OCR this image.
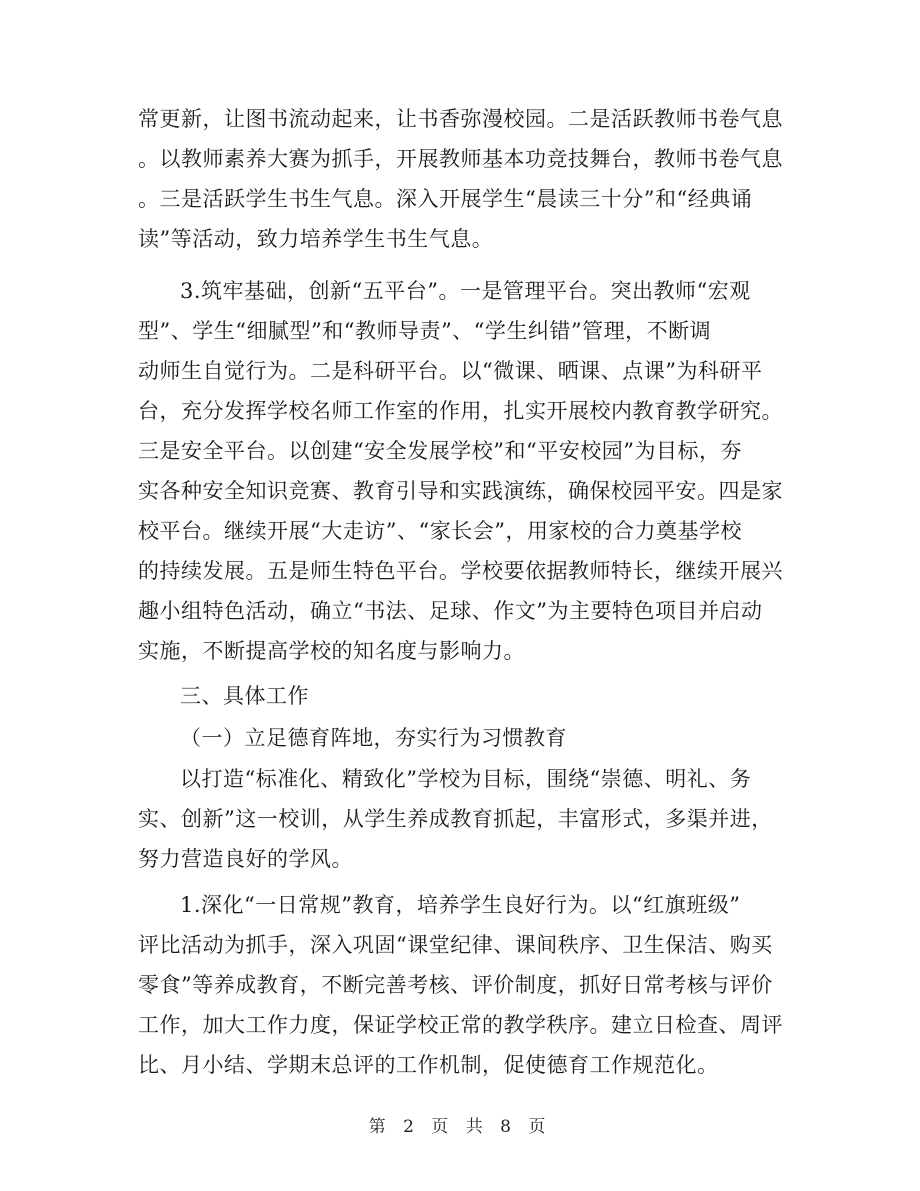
常更新，让图书流动起来，让书香弥漫校园。二是活跃教师书卷气息
。以教师素养大赛为抓手，开展教师基本功竞技舞台，教师书卷气息
。三是活跃学生书生气息。深入开展学生“晨读三十分”和“经典诵
读”等活动，致力培养学生书生气息。
3.筑牢基础，创新“五平台”。一是管理平台。突出教师“宏观
型”、学生“细腻型”和“教师导责”、“学生纠错”管理，不断调
动师生自觉行为。二是科研平台。以“微课、晒课、点课”为科研平
台，充分发挥学校名师工作室的作用，扎实开展校内教育教学研究。
三是安全平台。以创建“安全发展学校”和“平安校园”为目标，夯
实各种安全知识竞赛、教育引导和实践演练，确保校园平安。四是家
校平台。继续开展“大走访”、“家长会”，用家校的合力奠基学校
的持续发展。五是师生特色平台。学校要依据教师特长，继续开展兴
趣小组特色活动，确立“书法、足球、作文”为主要特色项目并启动
实施，不断提高学校的知名度与影响力。
三、具体工作
（一）立足德育阵地，夯实行为习惯教育
以打造“标准化、精致化”学校为目标，围绕“崇德、明礼、务
实、创新”这一校训，从学生养成教育抓起，丰富形式，多渠并进，
努力营造良好的学风。
1.深化“一日常规”教育，培养学生良好行为。以“红旗班级”
评比活动为抓手，深入巩固“课堂纪律、课间秩序、卫生保洁、购买
零食”等养成教育，不断完善考核、评价制度，抓好日常考核与评价
工作，加大工作力度，保证学校正常的教学秩序。建立日检查、周评
比、月小结、学期末总评的工作机制，促使德育工作规范化。
第 2 页 共 8 页
